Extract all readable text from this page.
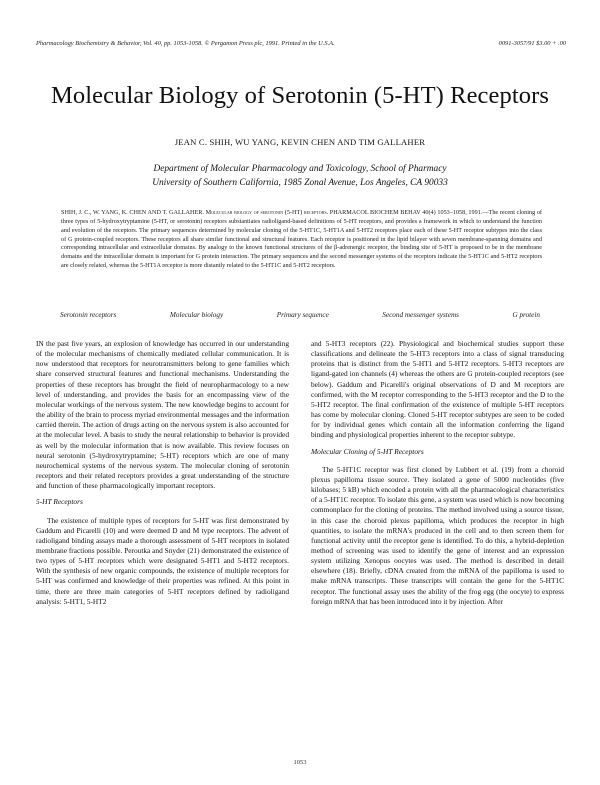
Pharmacology Biochemistry & Behavior, Vol. 40, pp. 1053-1058. © Pergamon Press plc, 1991. Printed in the U.S.A.	0091-3057/91 $3.00 + .00
Molecular Biology of Serotonin (5-HT) Receptors
JEAN C. SHIH, WU YANG, KEVIN CHEN AND TIM GALLAHER
Department of Molecular Pharmacology and Toxicology, School of Pharmacy
University of Southern California, 1985 Zonal Avenue, Los Angeles, CA 90033
SHIH, J. C., W. YANG, K. CHEN AND T. GALLAHER. Molecular biology of serotonin (5-HT) receptors. PHARMACOL BIOCHEM BEHAV 40(4) 1053–1058, 1991.—The recent cloning of three types of 5-hydroxytryptamine (5-HT, or serotonin) receptors substantiates radioligand-based definitions of 5-HT receptors, and provides a framework in which to understand the function and evolution of the receptors. The primary sequences determined by molecular cloning of the 5-HT1C, 5-HT1A and 5-HT2 receptors place each of these 5-HT receptor subtypes into the class of G protein-coupled receptors. These receptors all share similar functional and structural features. Each receptor is positioned in the lipid bilayer with seven membrane-spanning domains and corresponding intracellular and extracellular domains. By analogy to the known functional structures of the β-adrenergic receptor, the binding site of 5-HT is proposed to be in the membrane domains and the intracellular domain is important for G protein interaction. The primary sequences and the second messenger systems of the receptors indicate the 5-HT1C and 5-HT2 receptors are closely related, whereas the 5-HT1A receptor is more distantly related to the 5-HT1C and 5-HT2 receptors.
Serotonin receptors	Molecular biology	Primary sequence	Second messenger systems	G protein

IN the past five years, an explosion of knowledge has occurred in our understanding of the molecular mechanisms of chemically mediated cellular communication. It is now understood that receptors for neurotransmitters belong to gene families which share conserved structural features and functional mechanisms. Understanding the properties of these receptors has brought the field of neuropharmacology to a new level of understanding, and provides the basis for an encompassing view of the molecular workings of the nervous system. The new knowledge begins to account for the ability of the brain to process myriad environmental messages and the information carried therein. The action of drugs acting on the nervous system is also accounted for at the molecular level. A basis to study the neural relationship to behavior is provided as well by the molecular information that is now available. This review focuses on neural serotonin (5-hydroxytryptamine; 5-HT) receptors which are one of many neurochemical systems of the nervous system. The molecular cloning of serotonin receptors and their related receptors provides a great understanding of the structure and function of these pharmacologically important receptors.

5-HT Receptors

The existence of multiple types of receptors for 5-HT was first demonstrated by Gaddum and Picarelli (10) and were deemed D and M type receptors. The advent of radioligand binding assays made a thorough assessment of 5-HT receptors in isolated membrane fractions possible. Peroutka and Snyder (21) demonstrated the existence of two types of 5-HT receptors which were designated 5-HT1 and 5-HT2 receptors. With the synthesis of new organic compounds, the existence of multiple receptors for 5-HT was confirmed and knowledge of their properties was refined. At this point in time, there are three main categories of 5-HT receptors defined by radioligand analysis: 5-HT1, 5-HT2

and 5-HT3 receptors (22). Physiological and biochemical studies support these classifications and delineate the 5-HT3 receptors into a class of signal transducing proteins that is distinct from the 5-HT1 and 5-HT2 receptors. 5-HT3 receptors are ligand-gated ion channels (4) whereas the others are G protein-coupled receptors (see below). Gaddum and Picarelli's original observations of D and M receptors are confirmed, with the M receptor corresponding to the 5-HT3 receptor and the D to the 5-HT2 receptor. The final confirmation of the existence of multiple 5-HT receptors has come by molecular cloning. Cloned 5-HT receptor subtypes are seen to be coded for by individual genes which contain all the information conferring the ligand binding and physiological properties inherent to the receptor subtype.

Molecular Cloning of 5-HT Receptors

The 5-HT1C receptor was first cloned by Lubbert et al. (19) from a choroid plexus papilloma tissue source. They isolated a gene of 5000 nucleotides (five kilobases; 5 kB) which encoded a protein with all the pharmacological characteristics of a 5-HT1C receptor. To isolate this gene, a system was used which is now becoming commonplace for the cloning of proteins. The method involved using a source tissue, in this case the choroid plexus papilloma, which produces the receptor in high quantities, to isolate the mRNA's produced in the cell and to then screen them for functional activity until the receptor gene is identified. To do this, a hybrid-depletion method of screening was used to identify the gene of interest and an expression system utilizing Xenopus oocytes was used. The method is described in detail elsewhere (18). Briefly, cDNA created from the mRNA of the papilloma is used to make mRNA transcripts. These transcripts will contain the gene for the 5-HT1C receptor. The functional assay uses the ability of the frog egg (the oocyte) to express foreign mRNA that has been introduced into it by injection. After

1053
